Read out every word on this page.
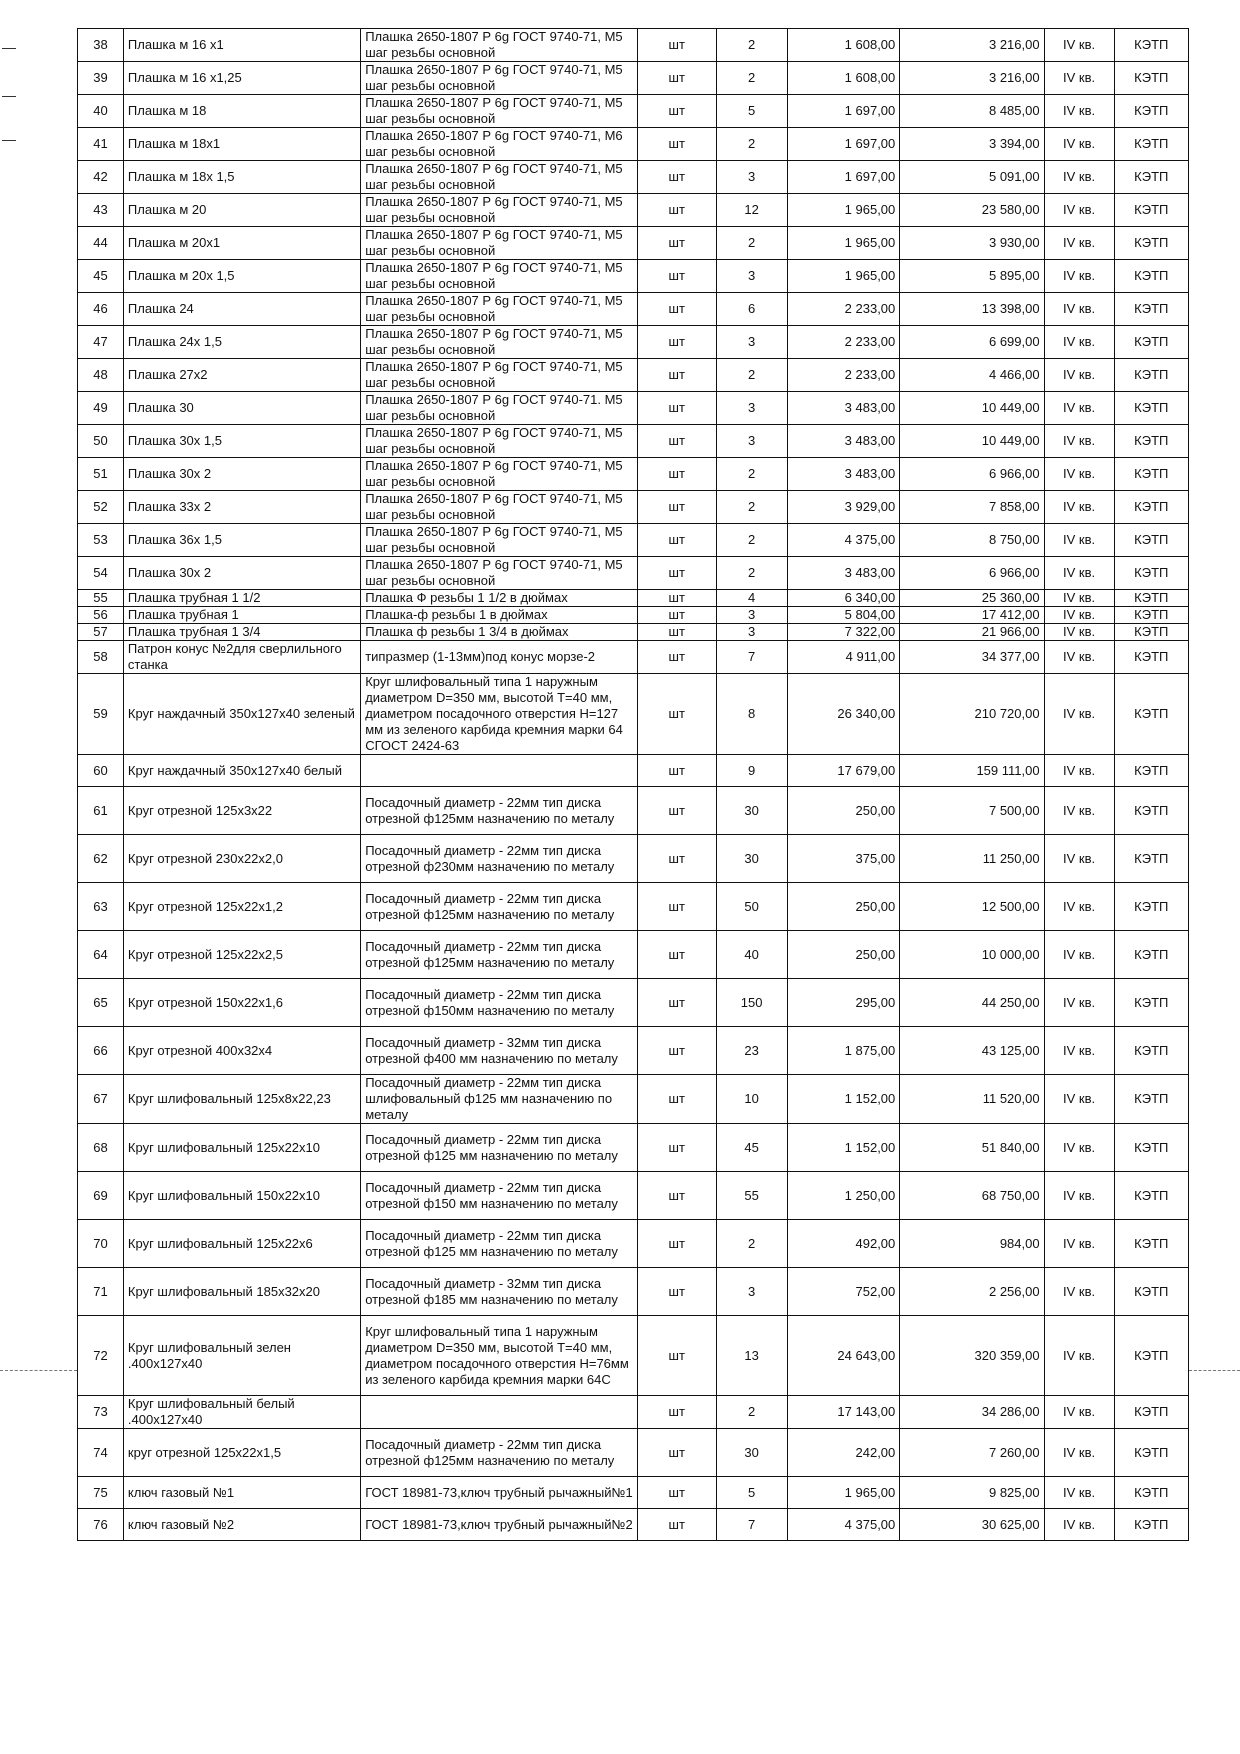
38	Плашка м 16 х1	Плашка 2650-1807 Р 6g ГОСТ 9740-71, М5 шаг резьбы основной	шт	2	1 608,00	3 216,00	IV кв.	КЭТП
39	Плашка м 16 х1,25	Плашка 2650-1807 Р 6g ГОСТ 9740-71, М5 шаг резьбы основной	шт	2	1 608,00	3 216,00	IV кв.	КЭТП
40	Плашка м 18	Плашка 2650-1807 Р 6g ГОСТ 9740-71, М5 шаг резьбы основной	шт	5	1 697,00	8 485,00	IV кв.	КЭТП
41	Плашка м 18х1	Плашка 2650-1807 Р 6g ГОСТ 9740-71, М6 шаг резьбы основной	шт	2	1 697,00	3 394,00	IV кв.	КЭТП
42	Плашка м 18х 1,5	Плашка 2650-1807 Р 6g ГОСТ 9740-71, М5 шаг резьбы основной	шт	3	1 697,00	5 091,00	IV кв.	КЭТП
43	Плашка м 20	Плашка 2650-1807 Р 6g ГОСТ 9740-71, М5 шаг резьбы основной	шт	12	1 965,00	23 580,00	IV кв.	КЭТП
44	Плашка м 20х1	Плашка 2650-1807 Р 6g ГОСТ 9740-71, М5 шаг резьбы основной	шт	2	1 965,00	3 930,00	IV кв.	КЭТП
45	Плашка м 20х 1,5	Плашка 2650-1807 Р 6g ГОСТ 9740-71, М5 шаг резьбы основной	шт	3	1 965,00	5 895,00	IV кв.	КЭТП
46	Плашка 24	Плашка 2650-1807 Р 6g ГОСТ 9740-71, М5 шаг резьбы основной	шт	6	2 233,00	13 398,00	IV кв.	КЭТП
47	Плашка 24х 1,5	Плашка 2650-1807 Р 6g ГОСТ 9740-71, М5 шаг резьбы основной	шт	3	2 233,00	6 699,00	IV кв.	КЭТП
48	Плашка 27х2	Плашка 2650-1807 Р 6g ГОСТ 9740-71, М5 шаг резьбы основной	шт	2	2 233,00	4 466,00	IV кв.	КЭТП
49	Плашка 30	Плашка 2650-1807 Р 6g ГОСТ 9740-71. М5 шаг резьбы основной	шт	3	3 483,00	10 449,00	IV кв.	КЭТП
50	Плашка 30х 1,5	Плашка 2650-1807 Р 6g ГОСТ 9740-71, М5 шаг резьбы основной	шт	3	3 483,00	10 449,00	IV кв.	КЭТП
51	Плашка 30х 2	Плашка 2650-1807 Р 6g ГОСТ 9740-71, М5 шаг резьбы основной	шт	2	3 483,00	6 966,00	IV кв.	КЭТП
52	Плашка 33х 2	Плашка 2650-1807 Р 6g ГОСТ 9740-71, М5 шаг резьбы основной	шт	2	3 929,00	7 858,00	IV кв.	КЭТП
53	Плашка 36х 1,5	Плашка 2650-1807 Р 6g ГОСТ 9740-71, М5 шаг резьбы основной	шт	2	4 375,00	8 750,00	IV кв.	КЭТП
54	Плашка 30х 2	Плашка 2650-1807 Р 6g ГОСТ 9740-71, М5 шаг резьбы основной	шт	2	3 483,00	6 966,00	IV кв.	КЭТП
55	Плашка трубная 1 1/2	Плашка Ф резьбы 1 1/2 в дюймах	шт	4	6 340,00	25 360,00	IV кв.	КЭТП
56	Плашка трубная 1	Плашка-ф резьбы 1 в дюймах	шт	3	5 804,00	17 412,00	IV кв.	КЭТП
57	Плашка трубная 1 3/4	Плашка ф резьбы 1 3/4 в дюймах	шт	3	7 322,00	21 966,00	IV кв.	КЭТП
58	Патрон конус №2для сверлильного станка	типразмер (1-13мм)под конус морзе-2	шт	7	4 911,00	34 377,00	IV кв.	КЭТП
59	Круг наждачный 350х127х40 зеленый	Круг шлифовальный типа 1 наружным диаметром D=350 мм, высотой T=40 мм, диаметром посадочного отверстия H=127 мм из зеленого карбида кремния марки 64 СГОСТ 2424-63	шт	8	26 340,00	210 720,00	IV кв.	КЭТП
60	Круг наждачный 350х127х40 белый		шт	9	17 679,00	159 111,00	IV кв.	КЭТП
61	Круг отрезной 125х3х22	Посадочный диаметр - 22мм тип диска отрезной ф125мм назначению по металу	шт	30	250,00	7 500,00	IV кв.	КЭТП
62	Круг отрезной 230х22х2,0	Посадочный диаметр - 22мм тип диска отрезной ф230мм назначению по металу	шт	30	375,00	11 250,00	IV кв.	КЭТП
63	Круг отрезной 125х22х1,2	Посадочный диаметр - 22мм тип диска отрезной ф125мм назначению по металу	шт	50	250,00	12 500,00	IV кв.	КЭТП
64	Круг отрезной 125х22х2,5	Посадочный диаметр - 22мм тип диска отрезной ф125мм назначению по металу	шт	40	250,00	10 000,00	IV кв.	КЭТП
65	Круг отрезной 150х22х1,6	Посадочный диаметр - 22мм тип диска отрезной ф150мм назначению по металу	шт	150	295,00	44 250,00	IV кв.	КЭТП
66	Круг отрезной 400х32х4	Посадочный диаметр - 32мм тип диска отрезной ф400 мм назначению по металу	шт	23	1 875,00	43 125,00	IV кв.	КЭТП
67	Круг шлифовальный 125х8х22,23	Посадочный диаметр - 22мм тип диска шлифовальный ф125 мм назначению по металу	шт	10	1 152,00	11 520,00	IV кв.	КЭТП
68	Круг шлифовальный 125х22х10	Посадочный диаметр - 22мм тип диска отрезной ф125 мм назначению по металу	шт	45	1 152,00	51 840,00	IV кв.	КЭТП
69	Круг шлифовальный 150х22х10	Посадочный диаметр - 22мм тип диска отрезной ф150 мм назначению по металу	шт	55	1 250,00	68 750,00	IV кв.	КЭТП
70	Круг шлифовальный 125х22х6	Посадочный диаметр - 22мм тип диска отрезной ф125 мм назначению по металу	шт	2	492,00	984,00	IV кв.	КЭТП
71	Круг шлифовальный 185х32х20	Посадочный диаметр - 32мм тип диска отрезной ф185 мм назначению по металу	шт	3	752,00	2 256,00	IV кв.	КЭТП
72	Круг шлифовальный зелен .400х127х40	Круг шлифовальный типа 1 наружным диаметром D=350 мм, высотой T=40 мм, диаметром посадочного отверстия H=76мм из зеленого карбида кремния марки 64С	шт	13	24 643,00	320 359,00	IV кв.	КЭТП
73	Круг шлифовальный белый .400х127х40		шт	2	17 143,00	34 286,00	IV кв.	КЭТП
74	круг отрезной 125х22х1,5	Посадочный диаметр - 22мм тип диска отрезной ф125мм назначению по металу	шт	30	242,00	7 260,00	IV кв.	КЭТП
75	ключ газовый №1	ГОСТ 18981-73,ключ трубный рычажный№1	шт	5	1 965,00	9 825,00	IV кв.	КЭТП
76	ключ газовый №2	ГОСТ 18981-73,ключ трубный рычажный№2	шт	7	4 375,00	30 625,00	IV кв.	КЭТП
